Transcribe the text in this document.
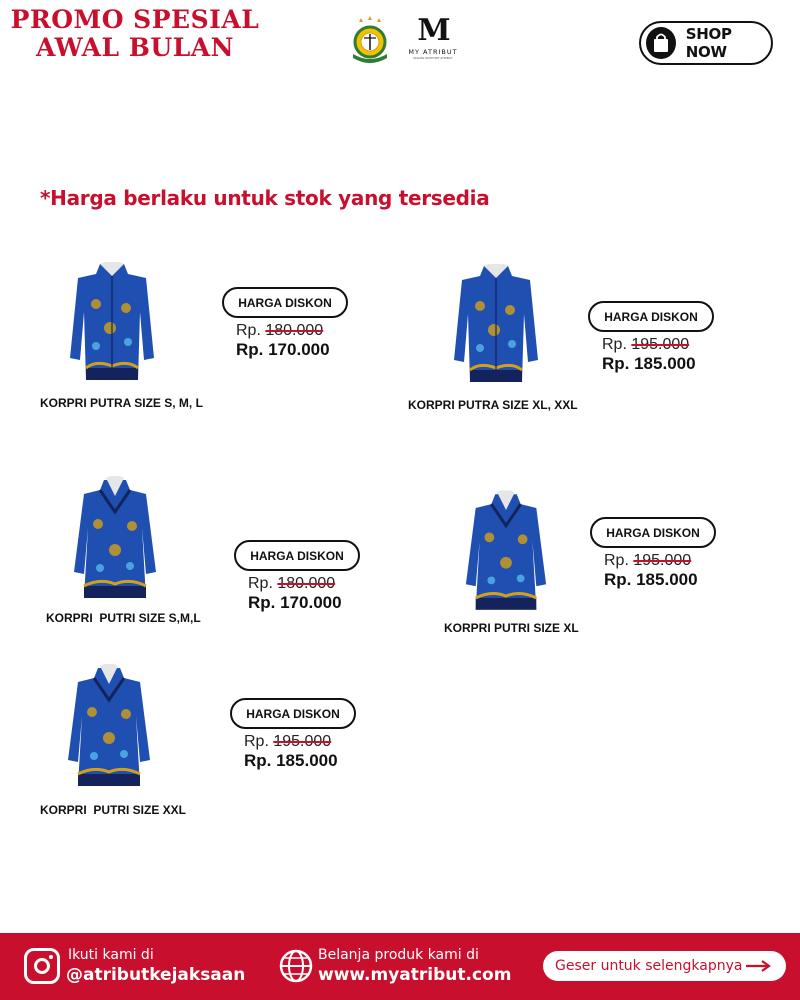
PROMO SPESIAL
AWAL BULAN	M
MY ATRIBUT
ONLINE SUPPORT ATRIBUT
SHOP NOW
*Harga berlaku untuk stok yang tersedia
KORPRI PUTRA SIZE S, M, L
HARGA DISKON
Rp. 180.000
Rp. 170.000
KORPRI PUTRA SIZE XL, XXL
HARGA DISKON
Rp. 195.000
Rp. 185.000
KORPRI  PUTRI SIZE S,M,L
HARGA DISKON
Rp. 180.000
Rp. 170.000
KORPRI PUTRI SIZE XL
HARGA DISKON
Rp. 195.000
Rp. 185.000
KORPRI  PUTRI SIZE XXL
HARGA DISKON
Rp. 195.000
Rp. 185.000
Ikuti kami di
@atributkejaksaan
Belanja produk kami di
www.myatribut.com	Geser untuk selengkapnya
